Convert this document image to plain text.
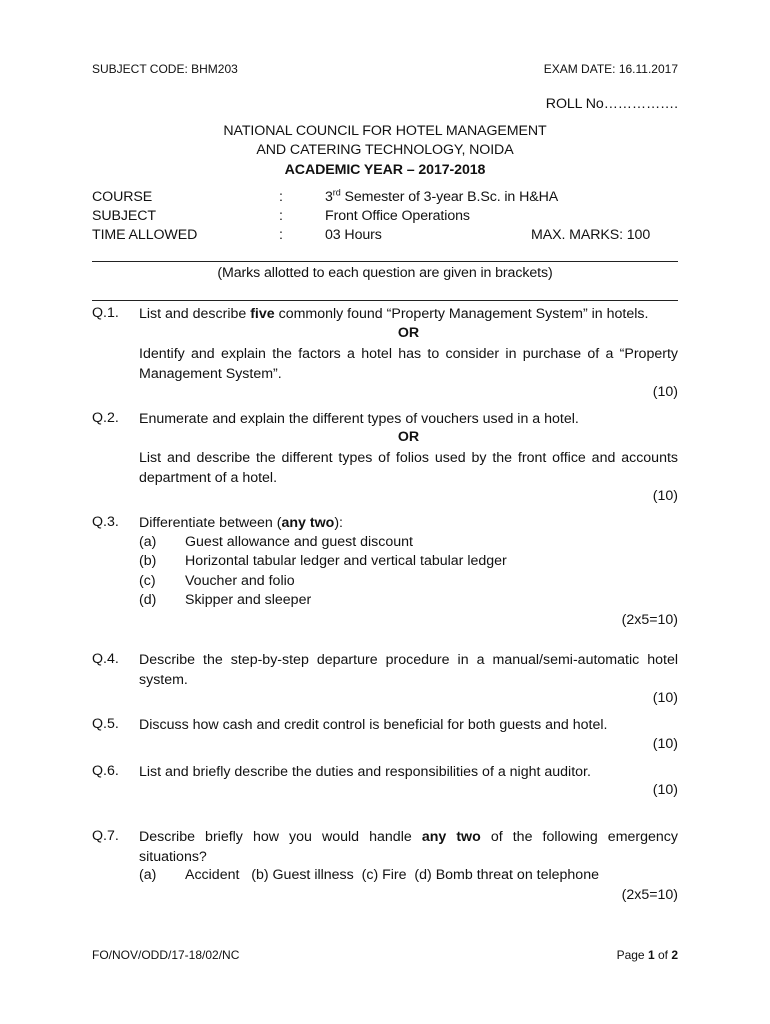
SUBJECT CODE: BHM203	EXAM DATE: 16.11.2017
ROLL No…………….
NATIONAL COUNCIL FOR HOTEL MANAGEMENT
AND CATERING TECHNOLOGY, NOIDA
ACADEMIC YEAR – 2017-2018
COURSE	:	3rd Semester of 3-year B.Sc. in H&HA
SUBJECT	:	Front Office Operations
TIME ALLOWED	:	03 Hours	MAX. MARKS: 100
(Marks allotted to each question are given in brackets)
Q.1. List and describe five commonly found “Property Management System” in hotels.
OR
Identify and explain the factors a hotel has to consider in purchase of a “Property Management System”.
(10)
Q.2. Enumerate and explain the different types of vouchers used in a hotel.
OR
List and describe the different types of folios used by the front office and accounts department of a hotel.
(10)
Q.3. Differentiate between (any two):
(a) Guest allowance and guest discount
(b) Horizontal tabular ledger and vertical tabular ledger
(c) Voucher and folio
(d) Skipper and sleeper
(2x5=10)
Q.4. Describe the step-by-step departure procedure in a manual/semi-automatic hotel system.
(10)
Q.5. Discuss how cash and credit control is beneficial for both guests and hotel.
(10)
Q.6. List and briefly describe the duties and responsibilities of a night auditor.
(10)
Q.7. Describe briefly how you would handle any two of the following emergency situations?
(a) Accident   (b) Guest illness  (c) Fire  (d) Bomb threat on telephone
(2x5=10)
FO/NOV/ODD/17-18/02/NC	Page 1 of 2
